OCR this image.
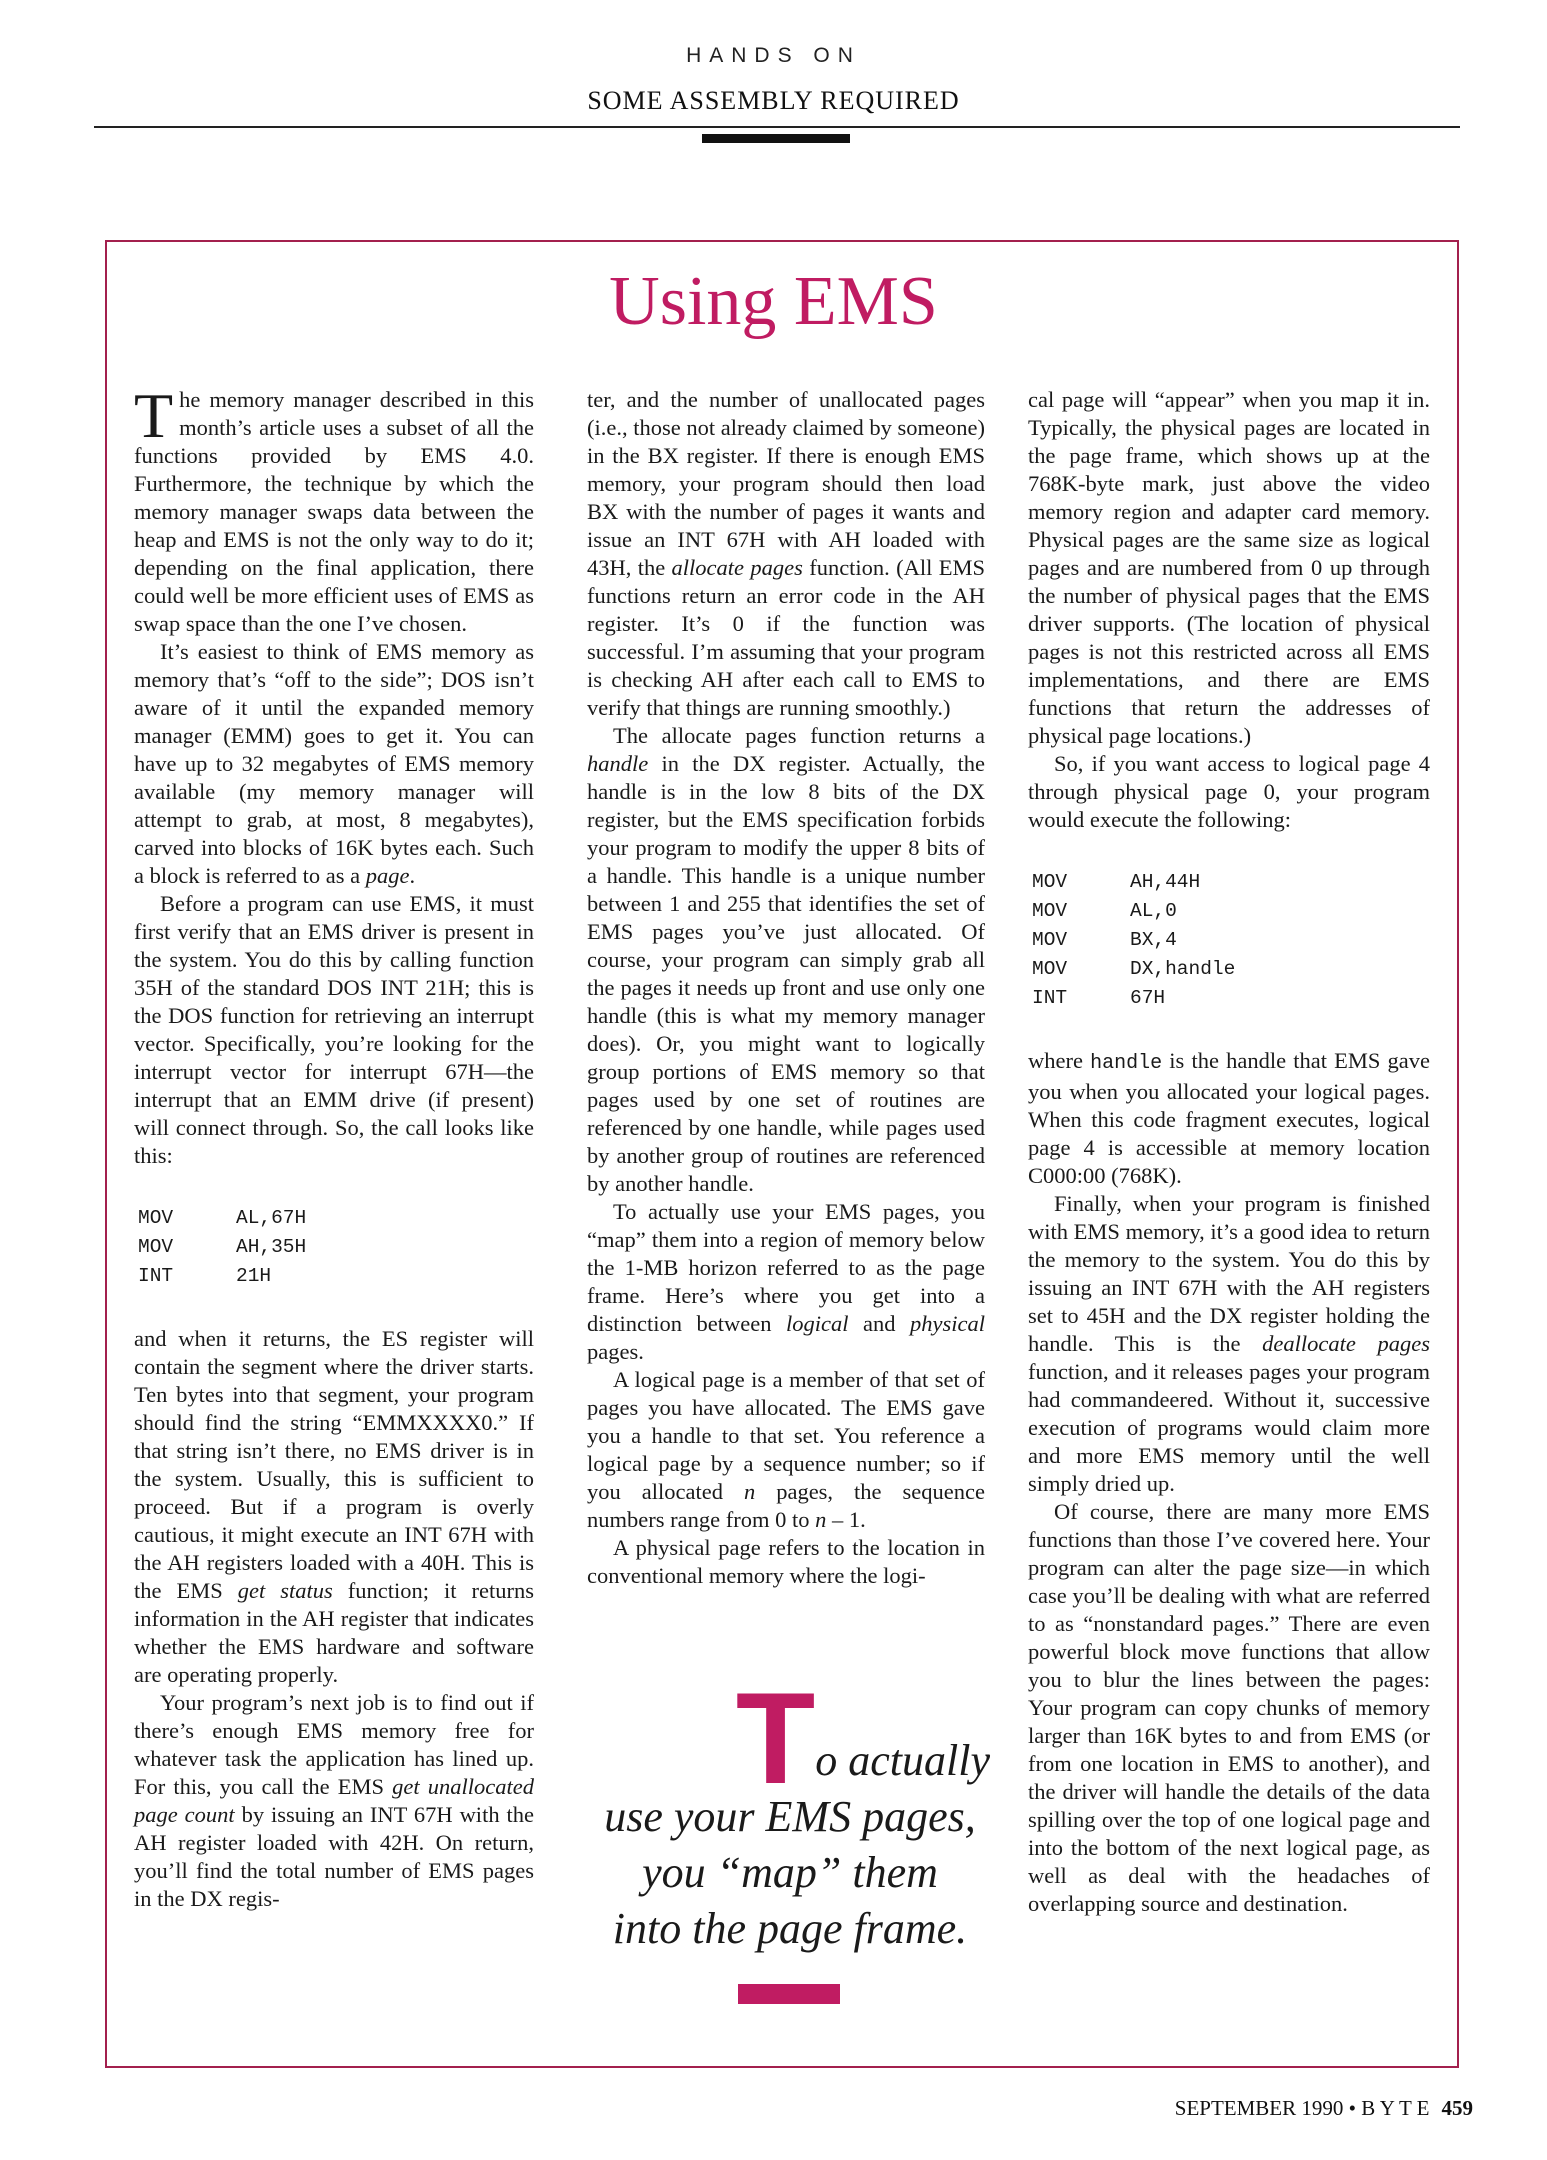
HANDS ON
SOME ASSEMBLY REQUIRED
Using EMS

The memory manager described in this month’s article uses a subset of all the functions provided by EMS 4.0. Furthermore, the technique by which the memory manager swaps data between the heap and EMS is not the only way to do it; depending on the final application, there could well be more efficient uses of EMS as swap space than the one I’ve chosen.

It’s easiest to think of EMS memory as memory that’s “off to the side”; DOS isn’t aware of it until the expanded memory manager (EMM) goes to get it. You can have up to 32 megabytes of EMS memory available (my memory manager will attempt to grab, at most, 8 megabytes), carved into blocks of 16K bytes each. Such a block is referred to as a page.

Before a program can use EMS, it must first verify that an EMS driver is present in the system. You do this by calling function 35H of the standard DOS INT 21H; this is the DOS function for retrieving an interrupt vector. Specifically, you’re looking for the interrupt vector for interrupt 67H—the interrupt that an EMM drive (if present) will connect through. So, the call looks like this:

MOV	AL,67H
MOV	AH,35H
INT	21H

and when it returns, the ES register will contain the segment where the driver starts. Ten bytes into that segment, your program should find the string “EMMXXXX0.” If that string isn’t there, no EMS driver is in the system. Usually, this is sufficient to proceed. But if a program is overly cautious, it might execute an INT 67H with the AH registers loaded with a 40H. This is the EMS get status function; it returns information in the AH register that indicates whether the EMS hardware and software are operating properly.

Your program’s next job is to find out if there’s enough EMS memory free for whatever task the application has lined up. For this, you call the EMS get unallocated page count by issuing an INT 67H with the AH register loaded with 42H. On return, you’ll find the total number of EMS pages in the DX regis-

ter, and the number of unallocated pages (i.e., those not already claimed by someone) in the BX register. If there is enough EMS memory, your program should then load BX with the number of pages it wants and issue an INT 67H with AH loaded with 43H, the allocate pages function. (All EMS functions return an error code in the AH register. It’s 0 if the function was successful. I’m assuming that your program is checking AH after each call to EMS to verify that things are running smoothly.)

The allocate pages function returns a handle in the DX register. Actually, the handle is in the low 8 bits of the DX register, but the EMS specification forbids your program to modify the upper 8 bits of a handle. This handle is a unique number between 1 and 255 that identifies the set of EMS pages you’ve just allocated. Of course, your program can simply grab all the pages it needs up front and use only one handle (this is what my memory manager does). Or, you might want to logically group portions of EMS memory so that pages used by one set of routines are referenced by one handle, while pages used by another group of routines are referenced by another handle.

To actually use your EMS pages, you “map” them into a region of memory below the 1-MB horizon referred to as the page frame. Here’s where you get into a distinction between logical and physical pages.

A logical page is a member of that set of pages you have allocated. The EMS gave you a handle to that set. You reference a logical page by a sequence number; so if you allocated n pages, the sequence numbers range from 0 to n – 1.

A physical page refers to the location in conventional memory where the logi-

To actually
use your EMS pages,
you “map” them
into the page frame.

cal page will “appear” when you map it in. Typically, the physical pages are located in the page frame, which shows up at the 768K-byte mark, just above the video memory region and adapter card memory. Physical pages are the same size as logical pages and are numbered from 0 up through the number of physical pages that the EMS driver supports. (The location of physical pages is not this restricted across all EMS implementations, and there are EMS functions that return the addresses of physical page locations.)

So, if you want access to logical page 4 through physical page 0, your program would execute the following:

MOV	AH,44H
MOV	AL,0
MOV	BX,4
MOV	DX,handle
INT	67H

where handle is the handle that EMS gave you when you allocated your logical pages. When this code fragment executes, logical page 4 is accessible at memory location C000:00 (768K).

Finally, when your program is finished with EMS memory, it’s a good idea to return the memory to the system. You do this by issuing an INT 67H with the AH registers set to 45H and the DX register holding the handle. This is the deallocate pages function, and it releases pages your program had commandeered. Without it, successive execution of programs would claim more and more EMS memory until the well simply dried up.

Of course, there are many more EMS functions than those I’ve covered here. Your program can alter the page size—in which case you’ll be dealing with what are referred to as “nonstandard pages.” There are even powerful block move functions that allow you to blur the lines between the pages: Your program can copy chunks of memory larger than 16K bytes to and from EMS (or from one location in EMS to another), and the driver will handle the details of the data spilling over the top of one logical page and into the bottom of the next logical page, as well as deal with the headaches of overlapping source and destination.

SEPTEMBER 1990 • B Y T E 459
